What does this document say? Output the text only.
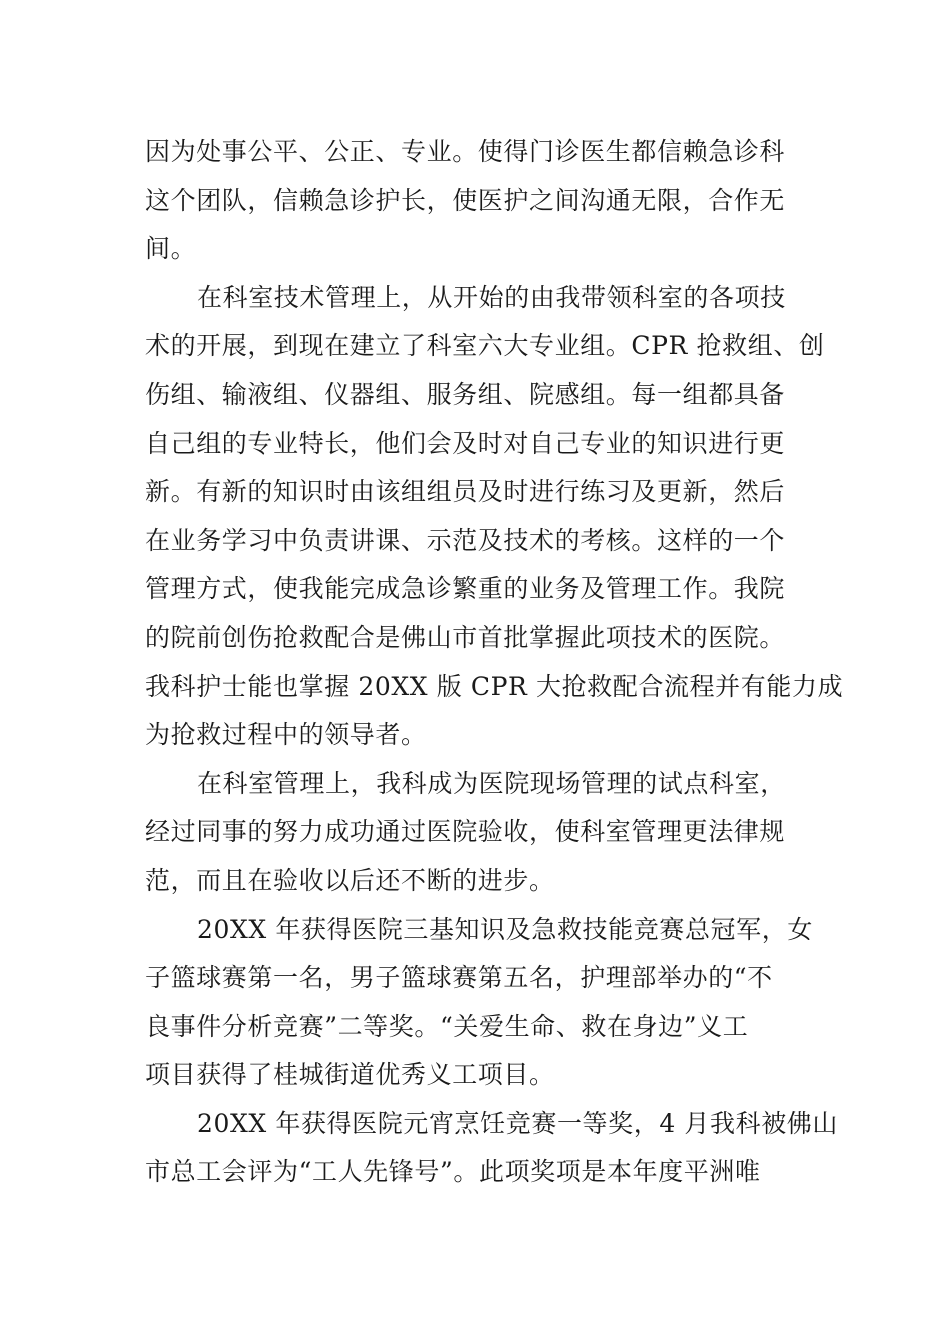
因为处事公平、公正、专业。使得门诊医生都信赖急诊科
这个团队，信赖急诊护长，使医护之间沟通无限，合作无
间。

在科室技术管理上，从开始的由我带领科室的各项技
术的开展，到现在建立了科室六大专业组。CPR 抢救组、创
伤组、输液组、仪器组、服务组、院感组。每一组都具备
自己组的专业特长，他们会及时对自己专业的知识进行更
新。有新的知识时由该组组员及时进行练习及更新，然后
在业务学习中负责讲课、示范及技术的考核。这样的一个
管理方式，使我能完成急诊繁重的业务及管理工作。我院
的院前创伤抢救配合是佛山市首批掌握此项技术的医院。
我科护士能也掌握 20XX 版 CPR 大抢救配合流程并有能力成
为抢救过程中的领导者。

在科室管理上，我科成为医院现场管理的试点科室，
经过同事的努力成功通过医院验收，使科室管理更法律规
范，而且在验收以后还不断的进步。

20XX 年获得医院三基知识及急救技能竞赛总冠军，女
子篮球赛第一名，男子篮球赛第五名，护理部举办的“不
良事件分析竞赛”二等奖。“关爱生命、救在身边”义工
项目获得了桂城街道优秀义工项目。

20XX 年获得医院元宵烹饪竞赛一等奖，4 月我科被佛山
市总工会评为“工人先锋号”。此项奖项是本年度平洲唯
